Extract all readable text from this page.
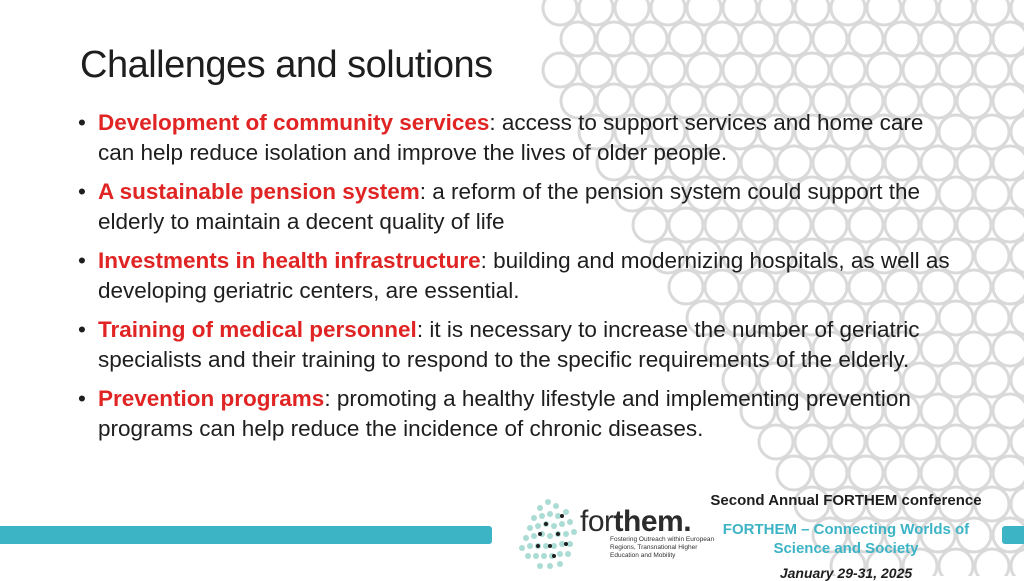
Challenges and solutions
• Development of community services: access to support services and home care can help reduce isolation and improve the lives of older people.
• A sustainable pension system: a reform of the pension system could support the elderly to maintain a decent quality of life
• Investments in health infrastructure: building and modernizing hospitals, as well as developing geriatric centers, are essential.
• Training of medical personnel: it is necessary to increase the number of geriatric specialists and their training to respond to the specific requirements of the elderly.
• Prevention programs: promoting a healthy lifestyle and implementing prevention programs can help reduce the incidence of chronic diseases.
forthem.
Fostering Outreach within European Regions, Transnational Higher Education and Mobility
Second Annual FORTHEM conference
FORTHEM – Connecting Worlds of Science and Society
January 29-31, 2025
